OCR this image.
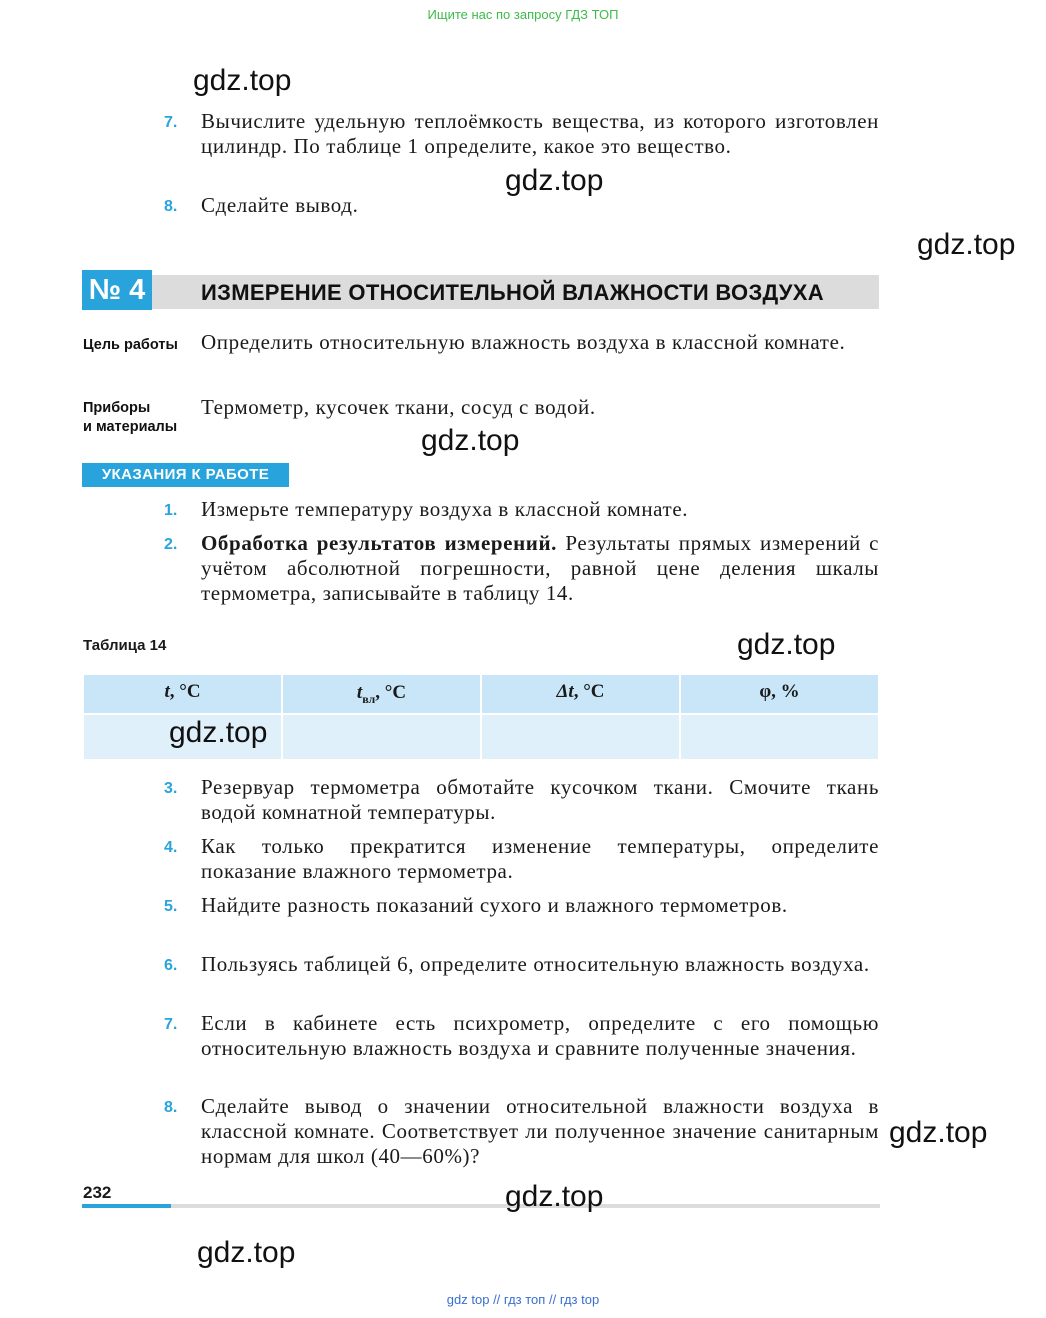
Ищите нас по запросу ГДЗ ТОП
7.	Вычислите удельную теплоёмкость вещества, из которого изготовлен цилиндр. По таблице 1 определите, какое это вещество.
8.	Сделайте вывод.
№ 4	ИЗМЕРЕНИЕ ОТНОСИТЕЛЬНОЙ ВЛАЖНОСТИ ВОЗДУХА
Цель работы Определить относительную влажность воздуха в классной комнате.
Приборы
и материалы
Термометр, кусочек ткани, сосуд с водой.
УКАЗАНИЯ К РАБОТЕ
1.	Измерьте температуру воздуха в классной комнате.
2.	Обработка результатов измерений. Результаты прямых измерений с учётом абсолютной погрешности, равной цене деления шкалы термометра, записывайте в таблицу 14.
Таблица 14
t, °C	$t_{вл}$, °C	Δt, °C	φ, %

3.	Резервуар термометра обмотайте кусочком ткани. Смочите ткань водой комнатной температуры.
4.	Как только прекратится изменение температуры, определите показание влажного термометра.
5.	Найдите разность показаний сухого и влажного термометров.
6.	Пользуясь таблицей 6, определите относительную влажность воздуха.
7.	Если в кабинете есть психрометр, определите с его помощью относительную влажность воздуха и сравните полученные значения.
8.	Сделайте вывод о значении относительной влажности воздуха в классной комнате. Соответствует ли полученное значение санитарным нормам для школ (40—60%)?
232
gdz.top
gdz.top
gdz.top
gdz.top
gdz.top
gdz.top
gdz.top
gdz.top
gdz.top
gdz top // гдз топ // гдз top
